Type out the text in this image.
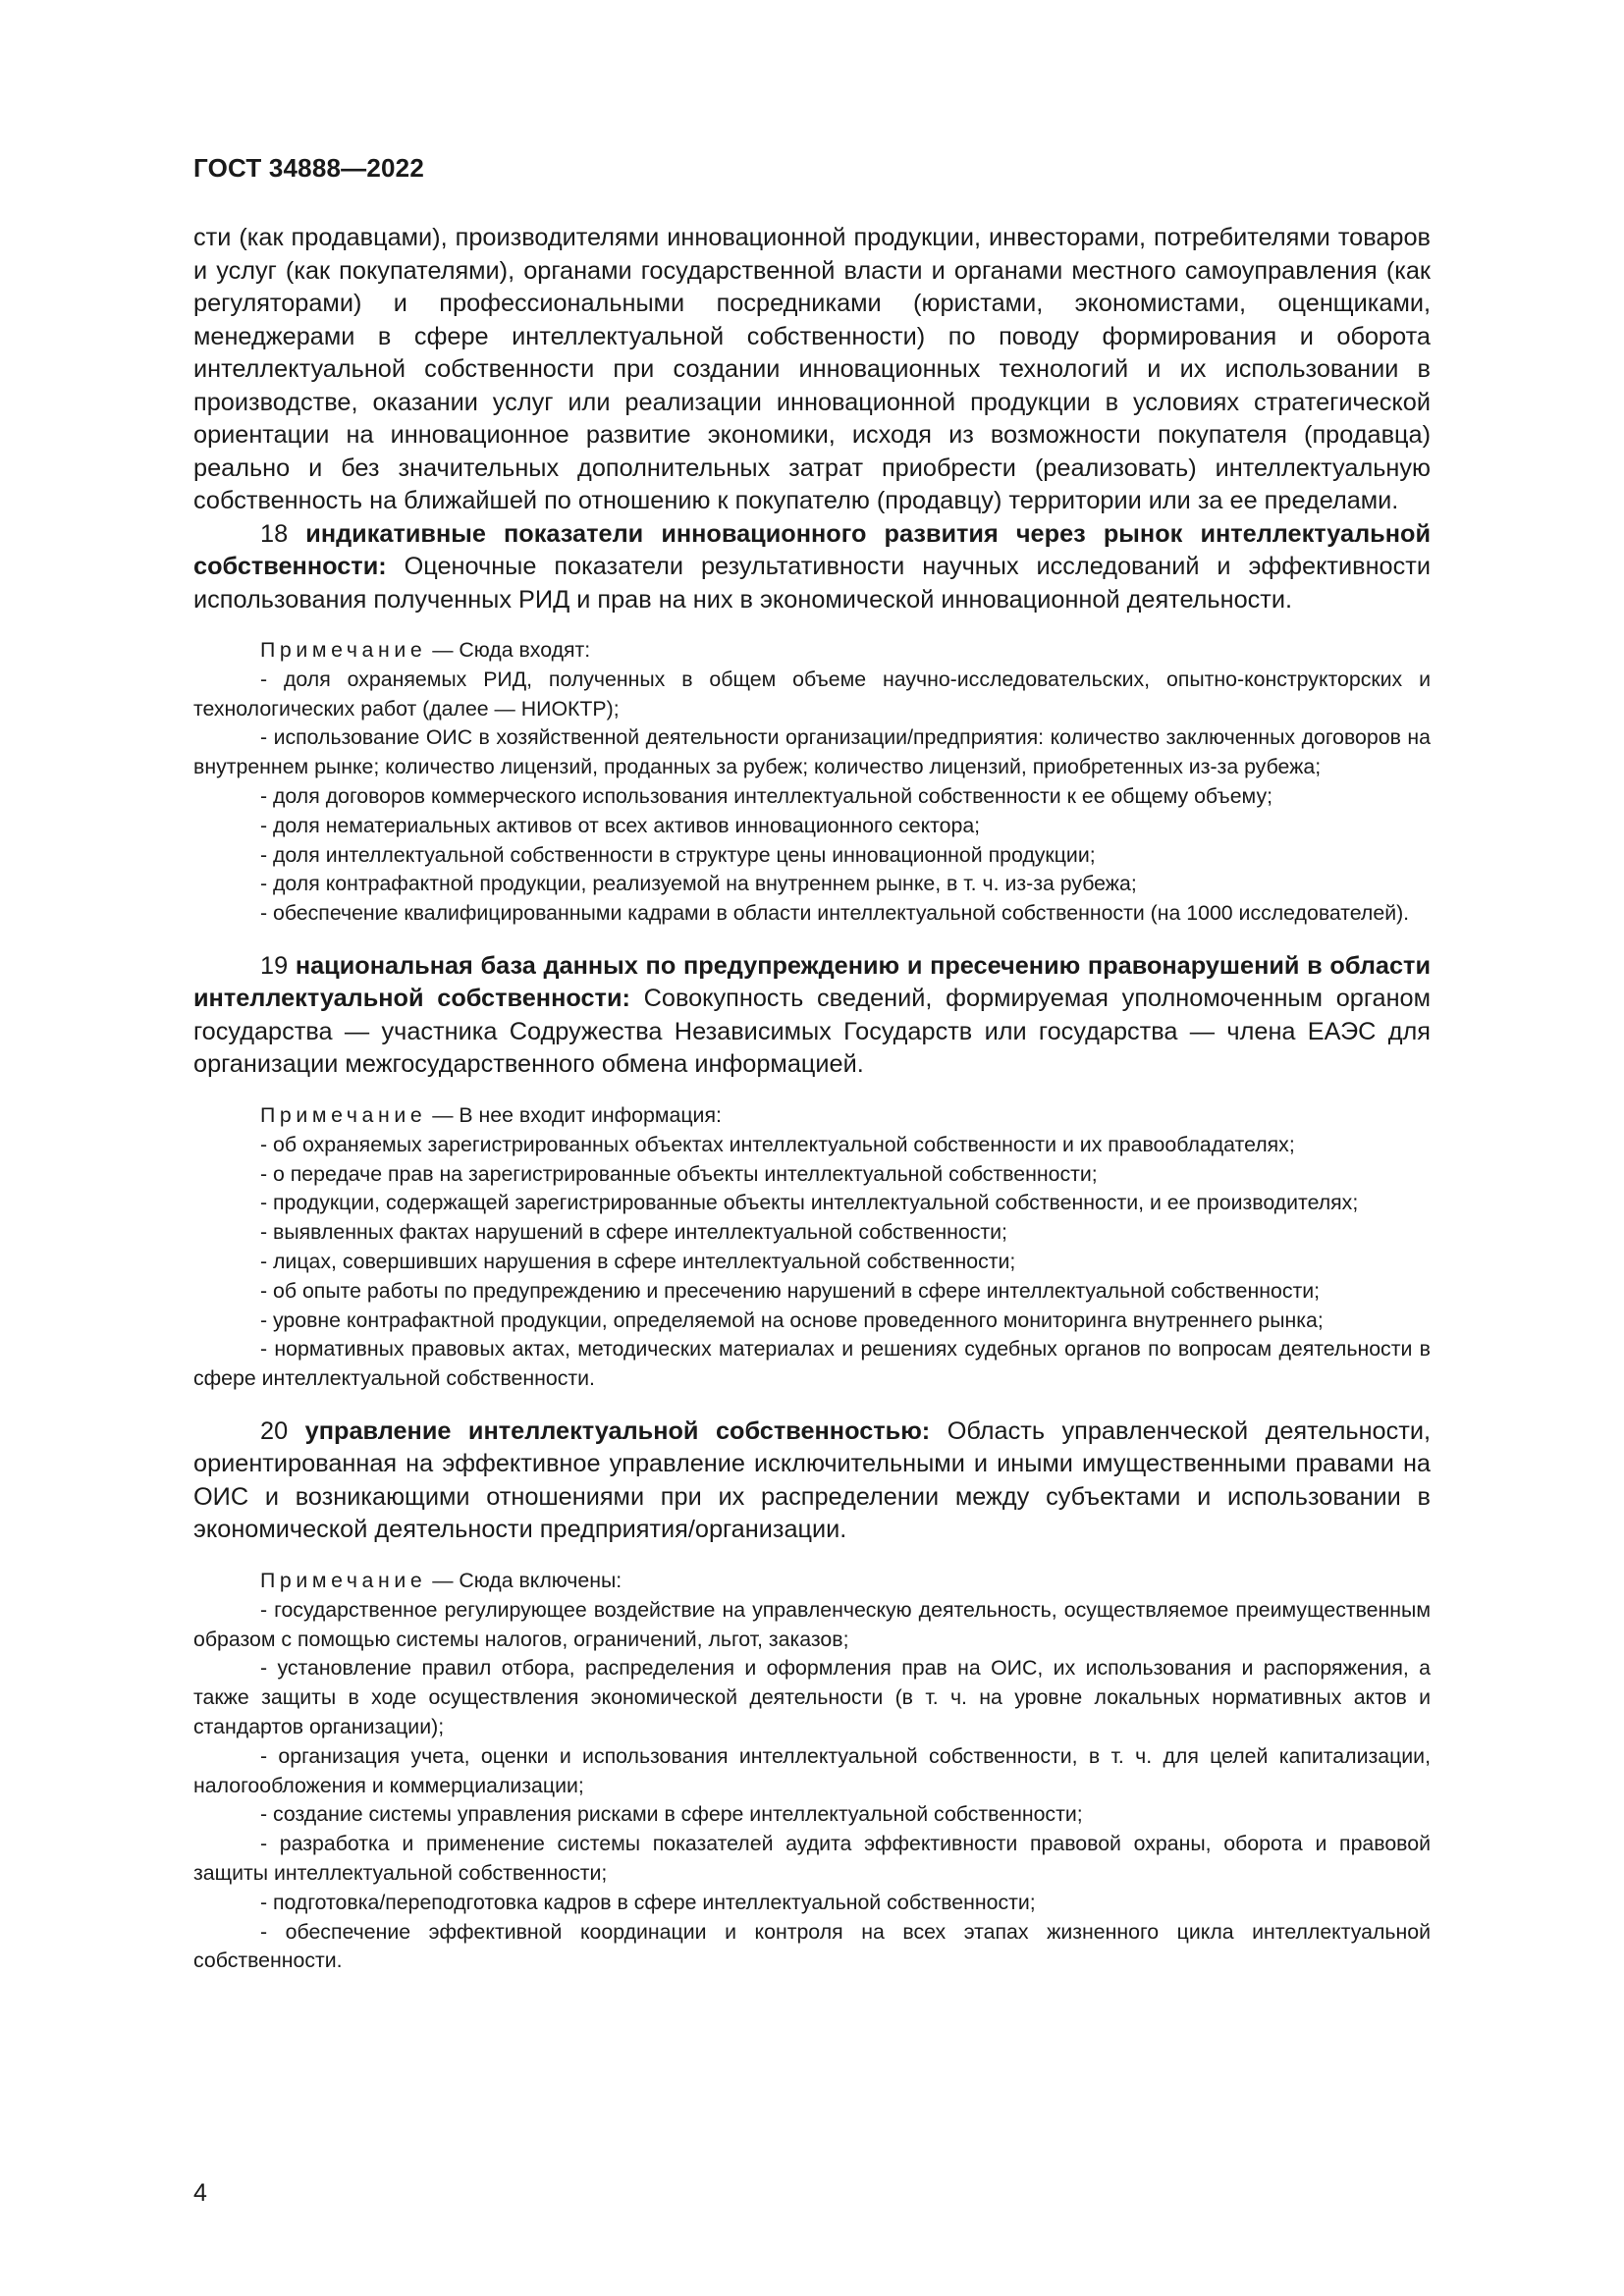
ГОСТ 34888—2022

сти (как продавцами), производителями инновационной продукции, инвесторами, потребителями товаров и услуг (как покупателями), органами государственной власти и органами местного самоуправления (как регуляторами) и профессиональными посредниками (юристами, экономистами, оценщиками, менеджерами в сфере интеллектуальной собственности) по поводу формирования и оборота интеллектуальной собственности при создании инновационных технологий и их использовании в производстве, оказании услуг или реализации инновационной продукции в условиях стратегической ориентации на инновационное развитие экономики, исходя из возможности покупателя (продавца) реально и без значительных дополнительных затрат приобрести (реализовать) интеллектуальную собственность на ближайшей по отношению к покупателю (продавцу) территории или за ее пределами.

18 индикативные показатели инновационного развития через рынок интеллектуальной собственности: Оценочные показатели результативности научных исследований и эффективности использования полученных РИД и прав на них в экономической инновационной деятельности.

Примечание — Сюда входят:

- доля охраняемых РИД, полученных в общем объеме научно-исследовательских, опытно-конструкторских и технологических работ (далее — НИОКТР);

- использование ОИС в хозяйственной деятельности организации/предприятия: количество заключенных договоров на внутреннем рынке; количество лицензий, проданных за рубеж; количество лицензий, приобретенных из-за рубежа;

- доля договоров коммерческого использования интеллектуальной собственности к ее общему объему;

- доля нематериальных активов от всех активов инновационного сектора;

- доля интеллектуальной собственности в структуре цены инновационной продукции;

- доля контрафактной продукции, реализуемой на внутреннем рынке, в т. ч. из-за рубежа;

- обеспечение квалифицированными кадрами в области интеллектуальной собственности (на 1000 исследователей).

19 национальная база данных по предупреждению и пресечению правонарушений в области интеллектуальной собственности: Совокупность сведений, формируемая уполномоченным органом государства — участника Содружества Независимых Государств или государства — члена ЕАЭС для организации межгосударственного обмена информацией.

Примечание — В нее входит информация:

- об охраняемых зарегистрированных объектах интеллектуальной собственности и их правообладателях;

- о передаче прав на зарегистрированные объекты интеллектуальной собственности;

- продукции, содержащей зарегистрированные объекты интеллектуальной собственности, и ее производителях;

- выявленных фактах нарушений в сфере интеллектуальной собственности;

- лицах, совершивших нарушения в сфере интеллектуальной собственности;

- об опыте работы по предупреждению и пресечению нарушений в сфере интеллектуальной собственности;

- уровне контрафактной продукции, определяемой на основе проведенного мониторинга внутреннего рынка;

- нормативных правовых актах, методических материалах и решениях судебных органов по вопросам деятельности в сфере интеллектуальной собственности.

20 управление интеллектуальной собственностью: Область управленческой деятельности, ориентированная на эффективное управление исключительными и иными имущественными правами на ОИС и возникающими отношениями при их распределении между субъектами и использовании в экономической деятельности предприятия/организации.

Примечание — Сюда включены:

- государственное регулирующее воздействие на управленческую деятельность, осуществляемое преимущественным образом с помощью системы налогов, ограничений, льгот, заказов;

- установление правил отбора, распределения и оформления прав на ОИС, их использования и распоряжения, а также защиты в ходе осуществления экономической деятельности (в т. ч. на уровне локальных нормативных актов и стандартов организации);

- организация учета, оценки и использования интеллектуальной собственности, в т. ч. для целей капитализации, налогообложения и коммерциализации;

- создание системы управления рисками в сфере интеллектуальной собственности;

- разработка и применение системы показателей аудита эффективности правовой охраны, оборота и правовой защиты интеллектуальной собственности;

- подготовка/переподготовка кадров в сфере интеллектуальной собственности;

- обеспечение эффективной координации и контроля на всех этапах жизненного цикла интеллектуальной собственности.

4
